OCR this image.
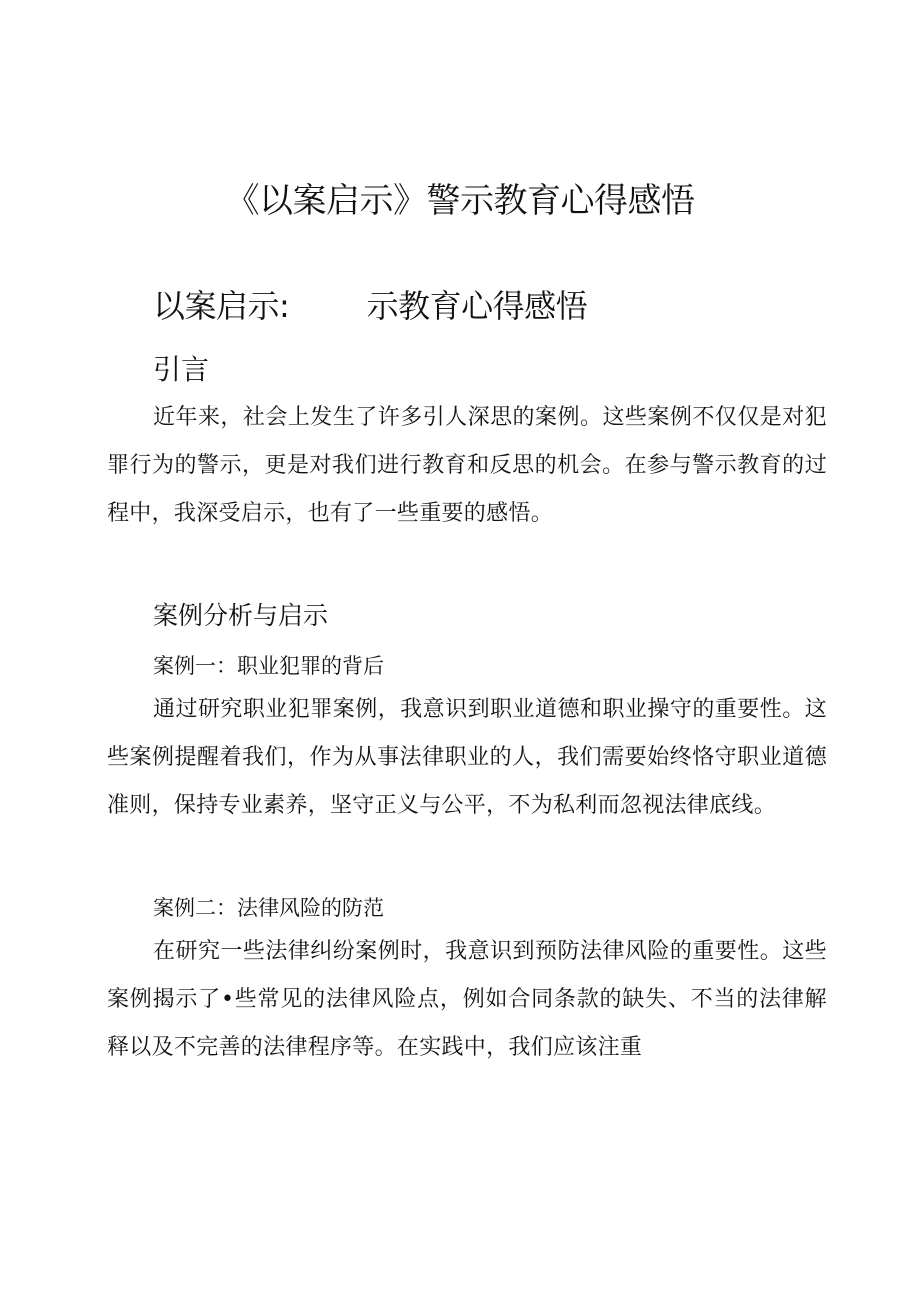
《以案启示》警示教育心得感悟
以案启示:        示教育心得感悟
引言

近年来，社会上发生了许多引人深思的案例。这些案例不仅仅是对犯罪行为的警示，更是对我们进行教育和反思的机会。在参与警示教育的过程中，我深受启示，也有了一些重要的感悟。

案例分析与启示
案例一：职业犯罪的背后

通过研究职业犯罪案例，我意识到职业道德和职业操守的重要性。这些案例提醒着我们，作为从事法律职业的人，我们需要始终恪守职业道德准则，保持专业素养，坚守正义与公平，不为私利而忽视法律底线。

案例二：法律风险的防范

在研究一些法律纠纷案例时，我意识到预防法律风险的重要性。这些案例揭示了•些常见的法律风险点，例如合同条款的缺失、不当的法律解释以及不完善的法律程序等。在实践中，我们应该注重
